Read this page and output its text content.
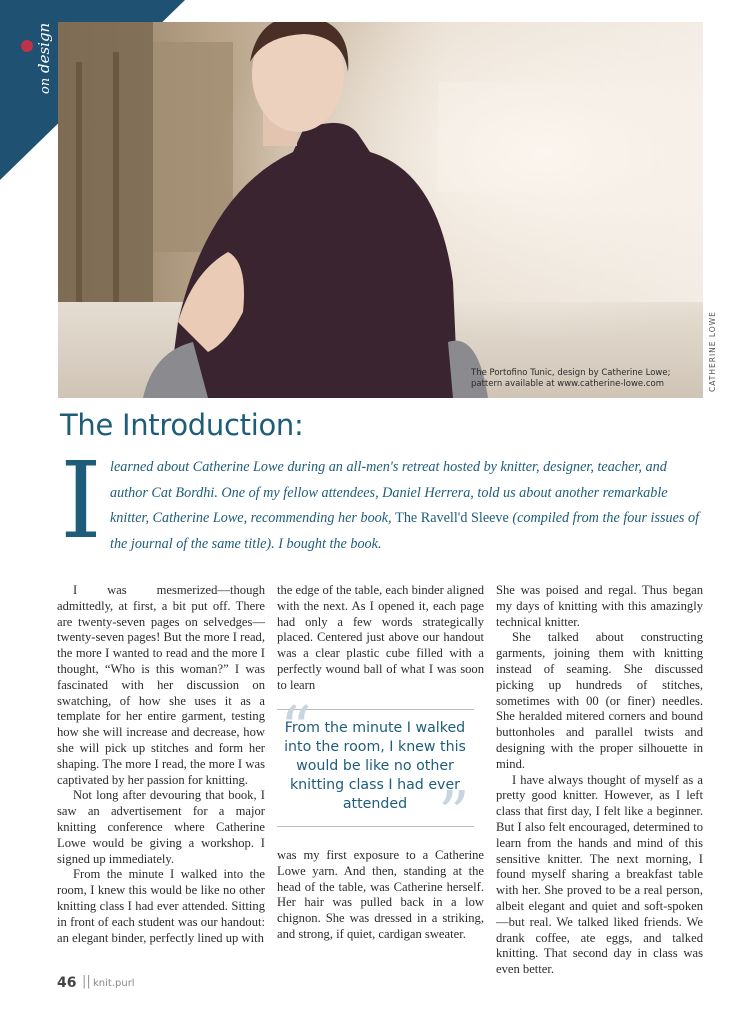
on design
The Portofino Tunic, design by Catherine Lowe;
pattern available at www.catherine-lowe.com	CATHERINE LOWE
The Introduction:
I learned about Catherine Lowe during an all-men's retreat hosted by knitter, designer, teacher, and author Cat Bordhi. One of my fellow attendees, Daniel Herrera, told us about another remarkable knitter, Catherine Lowe, recommending her book, The Ravell'd Sleeve (compiled from the four issues of the journal of the same title). I bought the book.

I was mesmerized—though admittedly, at first, a bit put off. There are twenty-seven pages on selvedges—twenty-seven pages! But the more I read, the more I wanted to read and the more I thought, “Who is this woman?” I was fascinated with her discussion on swatching, of how she uses it as a template for her entire garment, testing how she will increase and decrease, how she will pick up stitches and form her shaping. The more I read, the more I was captivated by her passion for knitting.

Not long after devouring that book, I saw an advertisement for a major knitting conference where Catherine Lowe would be giving a workshop. I signed up immediately.

From the minute I walked into the room, I knew this would be like no other knitting class I had ever attended. Sitting in front of each student was our handout: an elegant binder, perfectly lined up with

the edge of the table, each binder aligned with the next. As I opened it, each page had only a few words strategically placed. Centered just above our handout was a clear plastic cube filled with a perfectly wound ball of what I was soon to learn

“

From the minute I walked into the room, I knew this would be like no other knitting class I had ever attended ”

was my first exposure to a Catherine Lowe yarn. And then, standing at the head of the table, was Catherine herself. Her hair was pulled back in a low chignon. She was dressed in a striking, and strong, if quiet, cardigan sweater.

She was poised and regal. Thus began my days of knitting with this amazingly technical knitter.

She talked about constructing garments, joining them with knitting instead of seaming. She discussed picking up hundreds of stitches, sometimes with 00 (or finer) needles. She heralded mitered corners and bound buttonholes and parallel twists and designing with the proper silhouette in mind.

I have always thought of myself as a pretty good knitter. However, as I left class that first day, I felt like a beginner. But I also felt encouraged, determined to learn from the hands and mind of this sensitive knitter. The next morning, I found myself sharing a breakfast table with her. She proved to be a real person, albeit elegant and quiet and soft-spoken—but real. We talked liked friends. We drank coffee, ate eggs, and talked knitting. That second day in class was even better.

46 || knit.purl
